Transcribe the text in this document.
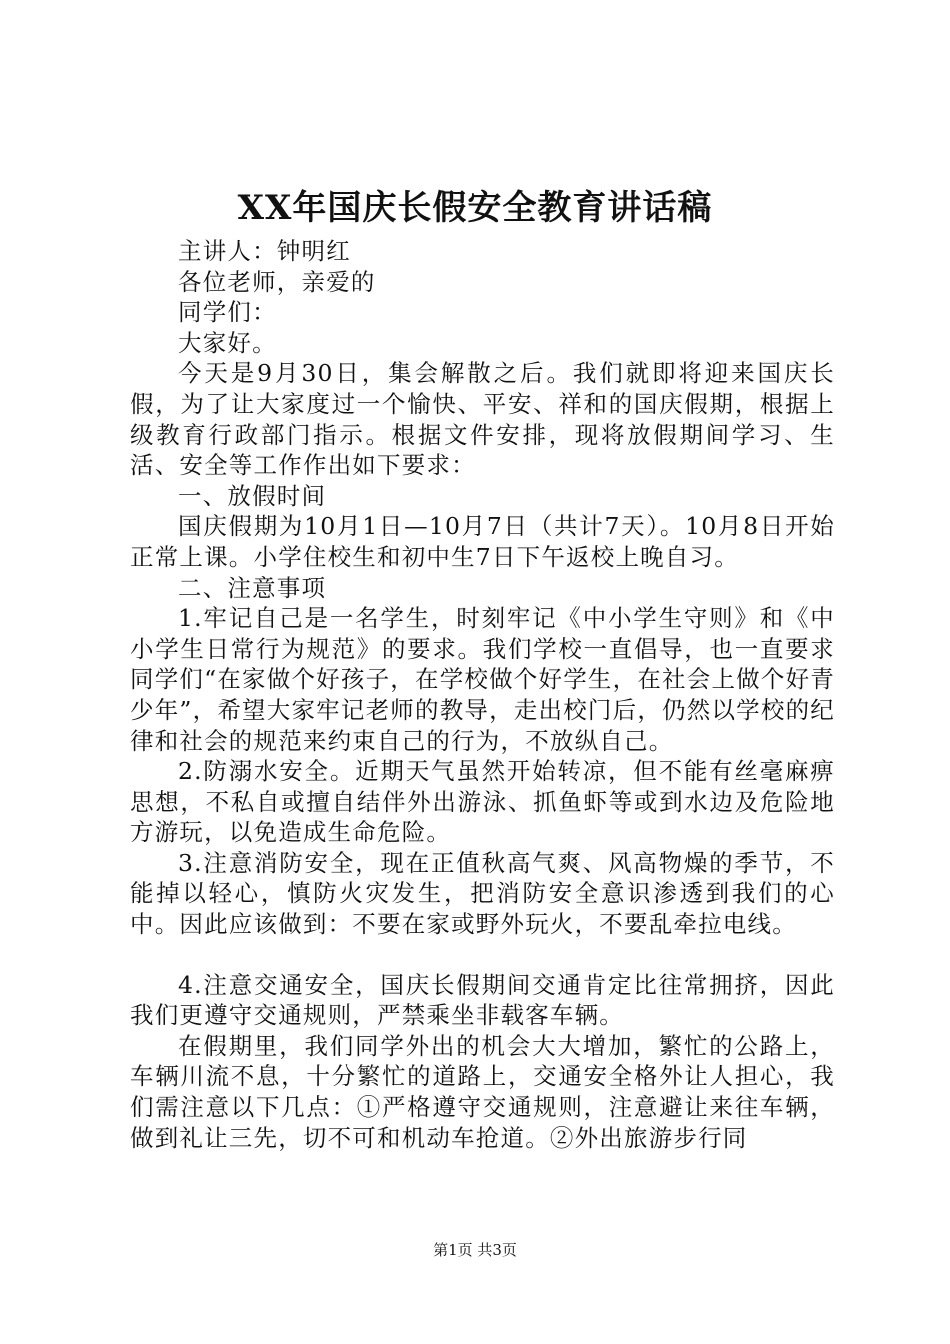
XX年国庆长假安全教育讲话稿

主讲人：钟明红

各位老师，亲爱的

同学们：

大家好。

今天是9月30日，集会解散之后。我们就即将迎来国庆长假，为了让大家度过一个愉快、平安、祥和的国庆假期，根据上级教育行政部门指示。根据文件安排，现将放假期间学习、生活、安全等工作作出如下要求：

一、放假时间

国庆假期为10月1日—10月7日（共计7天）。10月8日开始正常上课。小学住校生和初中生7日下午返校上晚自习。

二、注意事项

1.牢记自己是一名学生，时刻牢记《中小学生守则》和《中小学生日常行为规范》的要求。我们学校一直倡导，也一直要求同学们“在家做个好孩子，在学校做个好学生，在社会上做个好青少年”，希望大家牢记老师的教导，走出校门后，仍然以学校的纪律和社会的规范来约束自己的行为，不放纵自己。

2.防溺水安全。近期天气虽然开始转凉，但不能有丝毫麻痹思想，不私自或擅自结伴外出游泳、抓鱼虾等或到水边及危险地方游玩，以免造成生命危险。

3.注意消防安全，现在正值秋高气爽、风高物燥的季节，不能掉以轻心，慎防火灾发生，把消防安全意识渗透到我们的心中。因此应该做到：不要在家或野外玩火，不要乱牵拉电线。

4.注意交通安全，国庆长假期间交通肯定比往常拥挤，因此我们更遵守交通规则，严禁乘坐非载客车辆。

在假期里，我们同学外出的机会大大增加，繁忙的公路上，车辆川流不息，十分繁忙的道路上，交通安全格外让人担心，我们需注意以下几点：①严格遵守交通规则，注意避让来往车辆，做到礼让三先，切不可和机动车抢道。②外出旅游步行同

第1页 共3页
